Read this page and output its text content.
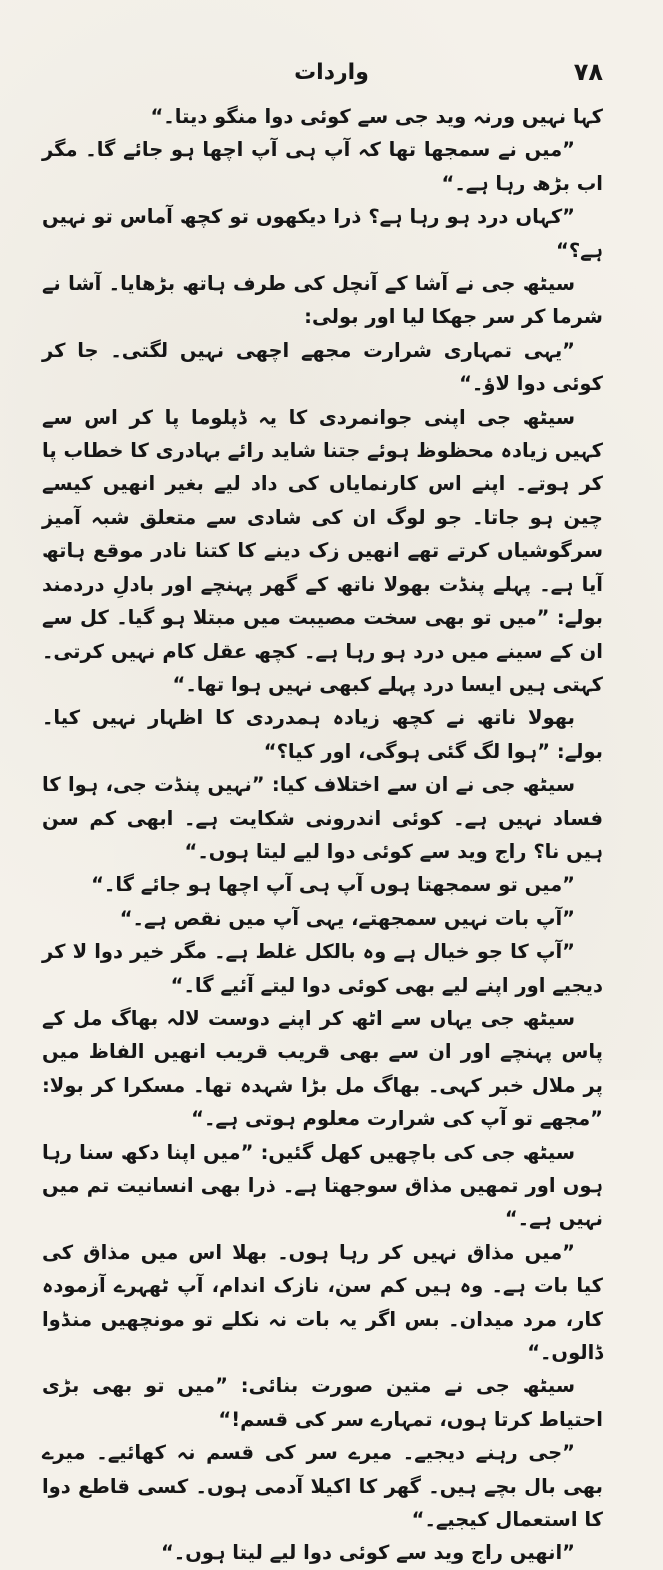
۷۸
واردات

کہا نہیں ورنہ وید جی سے کوئی دوا منگو دیتا۔“

”میں نے سمجھا تھا کہ آپ ہی آپ اچھا ہو جائے گا۔ مگر اب بڑھ رہا ہے۔“

”کہاں درد ہو رہا ہے؟ ذرا دیکھوں تو کچھ آماس تو نہیں ہے؟“

سیٹھ جی نے آشا کے آنچل کی طرف ہاتھ بڑھایا۔ آشا نے شرما کر سر جھکا لیا اور بولی:

”یہی تمہاری شرارت مجھے اچھی نہیں لگتی۔ جا کر کوئی دوا لاؤ۔“

سیٹھ جی اپنی جوانمردی کا یہ ڈپلوما پا کر اس سے کہیں زیادہ محظوظ ہوئے جتنا شاید رائے بہادری کا خطاب پا کر ہوتے۔ اپنے اس کارنمایاں کی داد لیے بغیر انھیں کیسے چین ہو جاتا۔ جو لوگ ان کی شادی سے متعلق شبہ آمیز سرگوشیاں کرتے تھے انھیں زک دینے کا کتنا نادر موقع ہاتھ آیا ہے۔ پہلے پنڈت بھولا ناتھ کے گھر پہنچے اور بادلِ دردمند بولے: ”میں تو بھی سخت مصیبت میں مبتلا ہو گیا۔ کل سے ان کے سینے میں درد ہو رہا ہے۔ کچھ عقل کام نہیں کرتی۔ کہتی ہیں ایسا درد پہلے کبھی نہیں ہوا تھا۔“

بھولا ناتھ نے کچھ زیادہ ہمدردی کا اظہار نہیں کیا۔ بولے: ”ہوا لگ گئی ہوگی، اور کیا؟“

سیٹھ جی نے ان سے اختلاف کیا: ”نہیں پنڈت جی، ہوا کا فساد نہیں ہے۔ کوئی اندرونی شکایت ہے۔ ابھی کم سن ہیں نا؟ راج وید سے کوئی دوا لیے لیتا ہوں۔“

”میں تو سمجھتا ہوں آپ ہی آپ اچھا ہو جائے گا۔“

”آپ بات نہیں سمجھتے، یہی آپ میں نقص ہے۔“

”آپ کا جو خیال ہے وہ بالکل غلط ہے۔ مگر خیر دوا لا کر دیجیے اور اپنے لیے بھی کوئی دوا لیتے آئیے گا۔“

سیٹھ جی یہاں سے اٹھ کر اپنے دوست لالہ بھاگ مل کے پاس پہنچے اور ان سے بھی قریب قریب انھیں الفاظ میں پر ملال خبر کہی۔ بھاگ مل بڑا شہدہ تھا۔ مسکرا کر بولا: ”مجھے تو آپ کی شرارت معلوم ہوتی ہے۔“

سیٹھ جی کی باچھیں کھل گئیں: ”میں اپنا دکھ سنا رہا ہوں اور تمھیں مذاق سوجھتا ہے۔ ذرا بھی انسانیت تم میں نہیں ہے۔“

”میں مذاق نہیں کر رہا ہوں۔ بھلا اس میں مذاق کی کیا بات ہے۔ وہ ہیں کم سن، نازک اندام، آپ ٹھہرے آزمودہ کار، مرد میدان۔ بس اگر یہ بات نہ نکلے تو مونچھیں منڈوا ڈالوں۔“

سیٹھ جی نے متین صورت بنائی: ”میں تو بھی بڑی احتیاط کرتا ہوں، تمہارے سر کی قسم!“

”جی رہنے دیجیے۔ میرے سر کی قسم نہ کھائیے۔ میرے بھی بال بچے ہیں۔ گھر کا اکیلا آدمی ہوں۔ کسی قاطع دوا کا استعمال کیجیے۔“

”انھیں راج وید سے کوئی دوا لیے لیتا ہوں۔“
